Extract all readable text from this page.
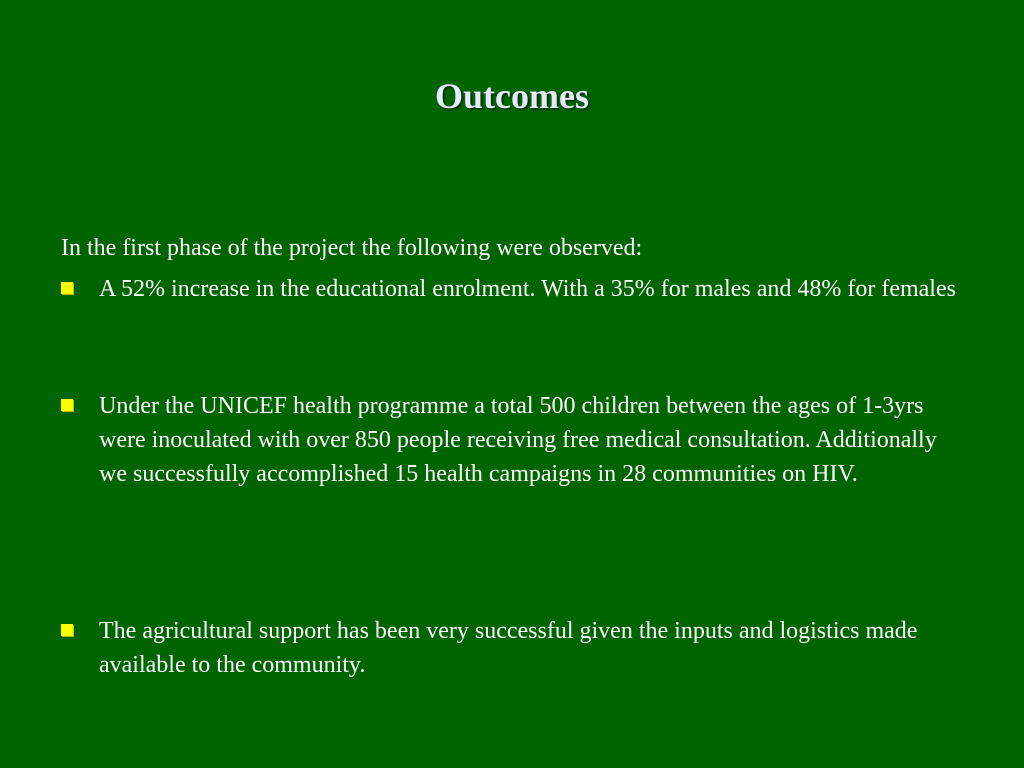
Outcomes
In the first phase of the project the following were observed:
A 52% increase in the educational enrolment. With a 35% for males and 48% for females
Under the UNICEF health programme a total 500 children between the ages of 1-3yrs were inoculated with over 850 people receiving free medical consultation. Additionally we successfully accomplished 15 health campaigns in 28 communities on HIV.
The agricultural support has been very successful given the inputs and logistics made available to the community.
